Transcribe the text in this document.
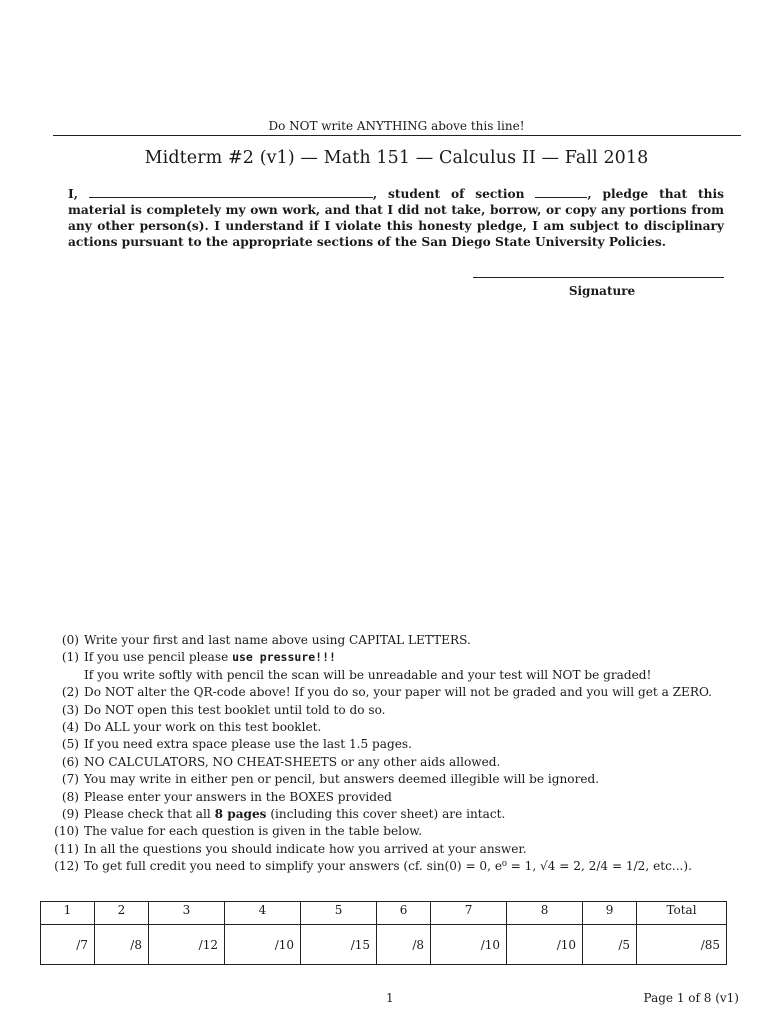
Do NOT write ANYTHING above this line!
Midterm #2 (v1) — Math 151 — Calculus II — Fall 2018
I,	, student of section	, pledge that this material is completely my own work, and that I did not take, borrow, or copy any portions from any other person(s). I understand if I violate this honesty pledge, I am subject to disciplinary actions pursuant to the appropriate sections of the San Diego State University Policies.
Signature
(0) Write your first and last name above using CAPITAL LETTERS.
(1) If you use pencil please use pressure!!!
If you write softly with pencil the scan will be unreadable and your test will NOT be graded!
(2) Do NOT alter the QR-code above! If you do so, your paper will not be graded and you will get a ZERO.
(3) Do NOT open this test booklet until told to do so.
(4) Do ALL your work on this test booklet.
(5) If you need extra space please use the last 1.5 pages.
(6) NO CALCULATORS, NO CHEAT-SHEETS or any other aids allowed.
(7) You may write in either pen or pencil, but answers deemed illegible will be ignored.
(8) Please enter your answers in the BOXES provided
(9) Please check that all 8 pages (including this cover sheet) are intact.
(10) The value for each question is given in the table below.
(11) In all the questions you should indicate how you arrived at your answer.
(12) To get full credit you need to simplify your answers (cf. sin(0) = 0, e⁰ = 1, √4 = 2, 2/4 = 1/2, etc...).
1	2	3	4	5	6	7	8	9	Total
/7	/8	/12	/10	/15	/8	/10	/10	/5	/85
1	Page 1 of 8 (v1)
